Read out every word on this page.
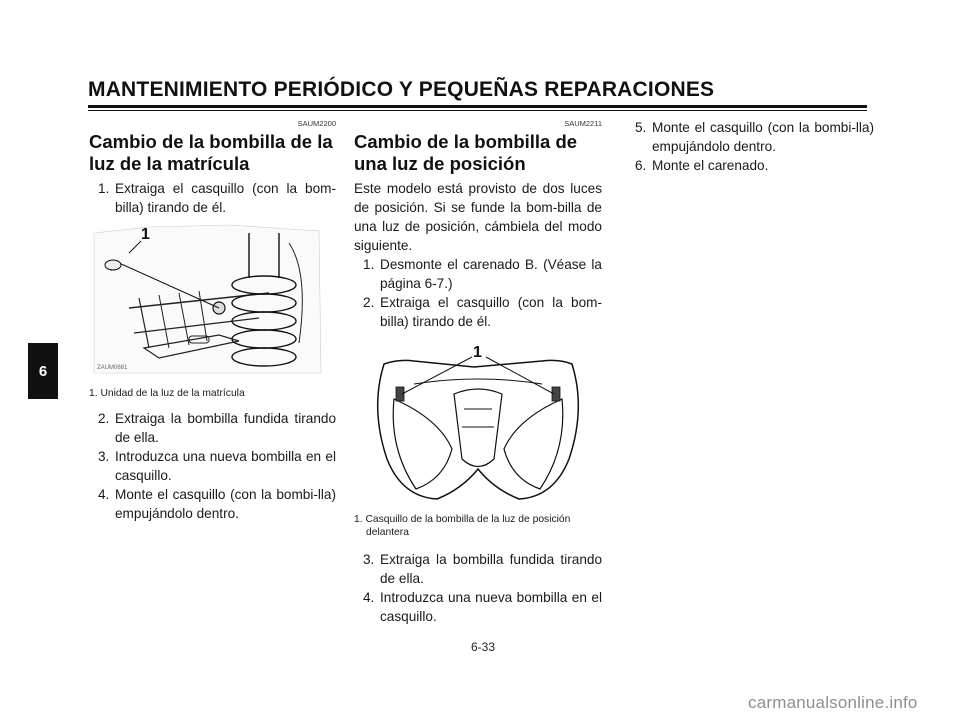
MANTENIMIENTO PERIÓDICO Y PEQUEÑAS REPARACIONES
6
SAUM2200
Cambio de la bombilla de la
luz de la matrícula
1. Extraiga el casquillo (con la bom-billa) tirando de él.
1
ZAUM0681
1. Unidad de la luz de la matrícula
2. Extraiga la bombilla fundida tirando de ella.
3. Introduzca una nueva bombilla en el casquillo.
4. Monte el casquillo (con la bombi-lla) empujándolo dentro.
SAUM2211
Cambio de la bombilla de
una luz de posición
Este modelo está provisto de dos luces de posición. Si se funde la bom-billa de una luz de posición, cámbiela del modo siguiente.
1. Desmonte el carenado B. (Véase la página 6-7.)
2. Extraiga el casquillo (con la bom-billa) tirando de él.
1
1. Casquillo de la bombilla de la luz de posición
delantera
3. Extraiga la bombilla fundida tirando de ella.
4. Introduzca una nueva bombilla en el casquillo.
5. Monte el casquillo (con la bombi-lla) empujándolo dentro.
6. Monte el carenado.
6-33
carmanualsonline.info
